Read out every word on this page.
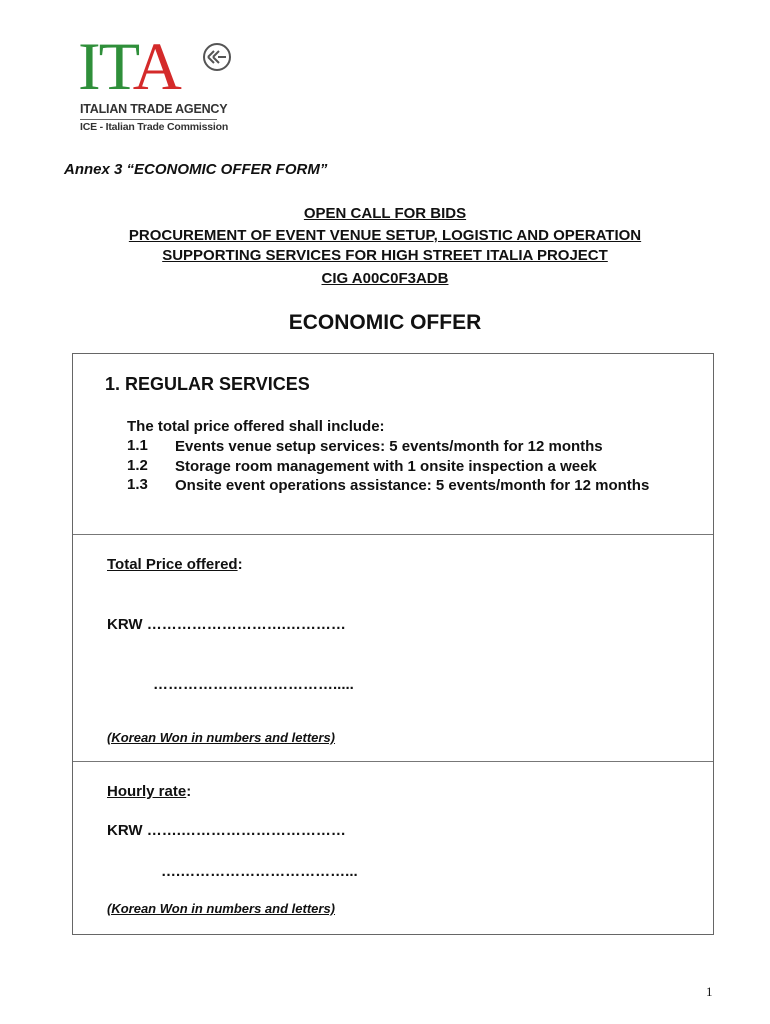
ITA
ITALIAN TRADE AGENCY
ICE - Italian Trade Commission
Annex 3 “ECONOMIC OFFER FORM”
OPEN CALL FOR BIDS
PROCUREMENT OF EVENT VENUE SETUP, LOGISTIC AND OPERATION
SUPPORTING SERVICES FOR HIGH STREET ITALIA PROJECT
CIG A00C0F3ADB
ECONOMIC OFFER
1. REGULAR SERVICES
The total price offered shall include:
1.1	Events venue setup services: 5 events/month for 12 months
1.2	Storage room management with 1 onsite inspection a week
1.3	Onsite event operations assistance: 5 events/month for 12 months
Total Price offered:
KRW ……………………….…………
……………………………….....
(Korean Won in numbers and letters)
Hourly rate:
KRW …….……………………………
….……………………………...
(Korean Won in numbers and letters)
1
